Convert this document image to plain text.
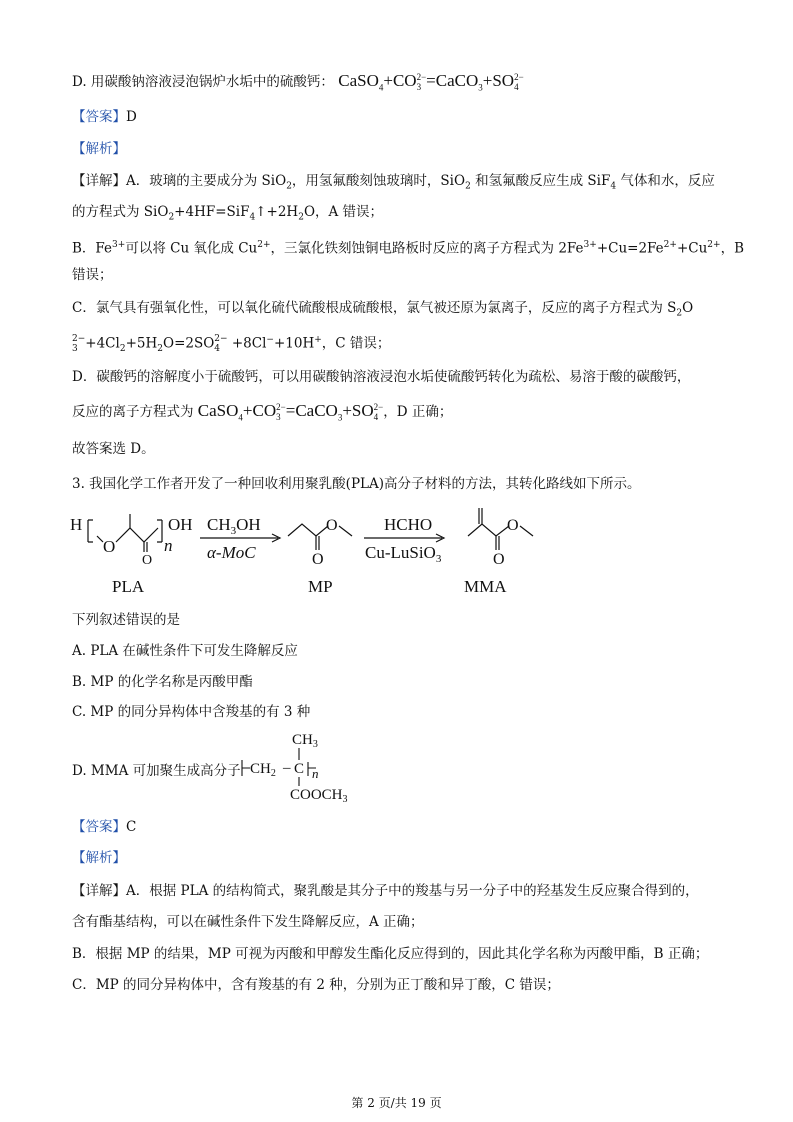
D. 用碳酸钠溶液浸泡锅炉水垢中的硫酸钙： CaSO$_4$+CO 2−
3 =CaCO$_3$+SO 2−
4
【答案】D
【解析】
【详解】A．玻璃的主要成分为 SiO$_2$，用氢氟酸刻蚀玻璃时，SiO$_2$ 和氢氟酸反应生成 SiF$_4$ 气体和水，反应
的方程式为 $SiO_2+4HF=SiF_4↑+2H_2O$，A 错误；
B．$Fe^{3+}$可以将 Cu 氧化成 $Cu^{2+}$，三氯化铁刻蚀铜电路板时反应的离子方程式为 $2Fe^{3+}+Cu=2Fe^{2+}+Cu^{2+}$，B
错误；
C．氯气具有强氧化性，可以氧化硫代硫酸根成硫酸根，氯气被还原为氯离子，反应的离子方程式为 $S_2O$
2−
$3 +4Cl_2+5H_2O=2SO$ 2−
4 +8Cl−+10H+，C 错误；
D．碳酸钙的溶解度小于硫酸钙，可以用碳酸钠溶液浸泡水垢使硫酸钙转化为疏松、易溶于酸的碳酸钙，
反应的离子方程式为 CaSO$_4$+CO 2−
3 =CaCO$_3$+SO 2−
4 ，D 正确；
故答案选 D。
3. 我国化学工作者开发了一种回收利用聚乳酸(PLA)高分子材料的方法，其转化路线如下所示。
H
O
O
OH
n
O
O
O
O
$CH_3OH$
α-MoC
HCHO
Cu-LuSiO$_3$
PLA	MP	MMA
下列叙述错误的是
A. PLA 在碱性条件下可发生降解反应
B. MP 的化学名称是丙酸甲酯
C. MP 的同分异构体中含羧基的有 3 种
D. MMA 可加聚生成高分子
$CH_3$
$CH_2$ – C n
$COOCH_3$
【答案】C
【解析】
【详解】A．根据 PLA 的结构简式，聚乳酸是其分子中的羧基与另一分子中的羟基发生反应聚合得到的，
含有酯基结构，可以在碱性条件下发生降解反应，A 正确；
B．根据 MP 的结果，MP 可视为丙酸和甲醇发生酯化反应得到的，因此其化学名称为丙酸甲酯，B 正确；
C．MP 的同分异构体中，含有羧基的有 2 种，分别为正丁酸和异丁酸，C 错误；
第 2 页/共 19 页
